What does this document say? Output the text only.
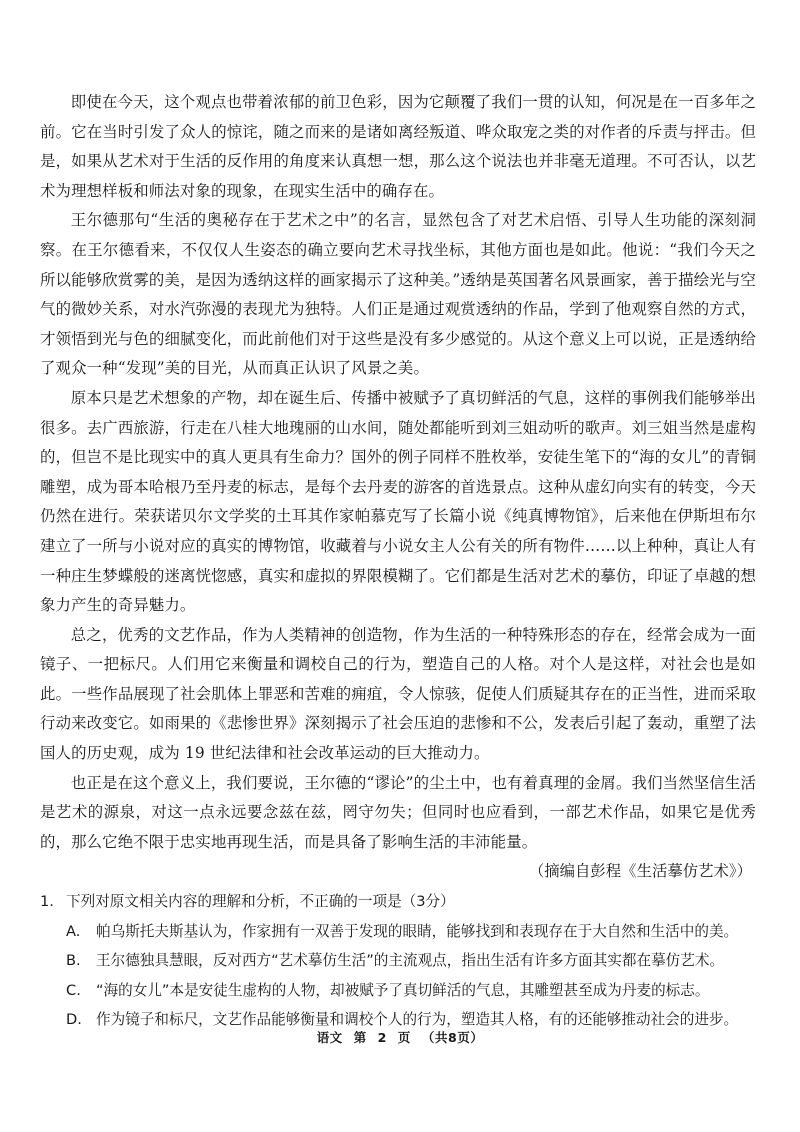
即使在今天，这个观点也带着浓郁的前卫色彩，因为它颠覆了我们一贯的认知，何况是在一百多年之前。它在当时引发了众人的惊诧，随之而来的是诸如离经叛道、哗众取宠之类的对作者的斥责与抨击。但是，如果从艺术对于生活的反作用的角度来认真想一想，那么这个说法也并非毫无道理。不可否认，以艺术为理想样板和师法对象的现象，在现实生活中的确存在。

王尔德那句“生活的奥秘存在于艺术之中”的名言，显然包含了对艺术启悟、引导人生功能的深刻洞察。在王尔德看来，不仅仅人生姿态的确立要向艺术寻找坐标，其他方面也是如此。他说：“我们今天之所以能够欣赏雾的美，是因为透纳这样的画家揭示了这种美。”透纳是英国著名风景画家，善于描绘光与空气的微妙关系，对水汽弥漫的表现尤为独特。人们正是通过观赏透纳的作品，学到了他观察自然的方式，才领悟到光与色的细腻变化，而此前他们对于这些是没有多少感觉的。从这个意义上可以说，正是透纳给了观众一种“发现”美的目光，从而真正认识了风景之美。

原本只是艺术想象的产物，却在诞生后、传播中被赋予了真切鲜活的气息，这样的事例我们能够举出很多。去广西旅游，行走在八桂大地瑰丽的山水间，随处都能听到刘三姐动听的歌声。刘三姐当然是虚构的，但岂不是比现实中的真人更具有生命力？国外的例子同样不胜枚举，安徒生笔下的“海的女儿”的青铜雕塑，成为哥本哈根乃至丹麦的标志，是每个去丹麦的游客的首选景点。这种从虚幻向实有的转变，今天仍然在进行。荣获诺贝尔文学奖的土耳其作家帕慕克写了长篇小说《纯真博物馆》，后来他在伊斯坦布尔建立了一所与小说对应的真实的博物馆，收藏着与小说女主人公有关的所有物件……以上种种，真让人有一种庄生梦蝶般的迷离恍惚感，真实和虚拟的界限模糊了。它们都是生活对艺术的摹仿，印证了卓越的想象力产生的奇异魅力。

总之，优秀的文艺作品，作为人类精神的创造物，作为生活的一种特殊形态的存在，经常会成为一面镜子、一把标尺。人们用它来衡量和调校自己的行为，塑造自己的人格。对个人是这样，对社会也是如此。一些作品展现了社会肌体上罪恶和苦难的痈疽，令人惊骇，促使人们质疑其存在的正当性，进而采取行动来改变它。如雨果的《悲惨世界》深刻揭示了社会压迫的悲惨和不公，发表后引起了轰动，重塑了法国人的历史观，成为 19 世纪法律和社会改革运动的巨大推动力。

也正是在这个意义上，我们要说，王尔德的“谬论”的尘土中，也有着真理的金屑。我们当然坚信生活是艺术的源泉，对这一点永远要念兹在兹，罔守勿失；但同时也应看到，一部艺术作品，如果它是优秀的，那么它绝不限于忠实地再现生活，而是具备了影响生活的丰沛能量。

（摘编自彭程《生活摹仿艺术》）

1. 下列对原文相关内容的理解和分析，不正确的一项是（3分）
A.	帕乌斯托夫斯基认为，作家拥有一双善于发现的眼睛，能够找到和表现存在于大自然和生活中的美。
B.	王尔德独具慧眼，反对西方“艺术摹仿生活”的主流观点，指出生活有许多方面其实都在摹仿艺术。
C.	“海的女儿”本是安徒生虚构的人物，却被赋予了真切鲜活的气息，其雕塑甚至成为丹麦的标志。
D. 作为镜子和标尺，文艺作品能够衡量和调校个人的行为，塑造其人格，有的还能够推动社会的进步。
语文 第 2 页 （共8页）
